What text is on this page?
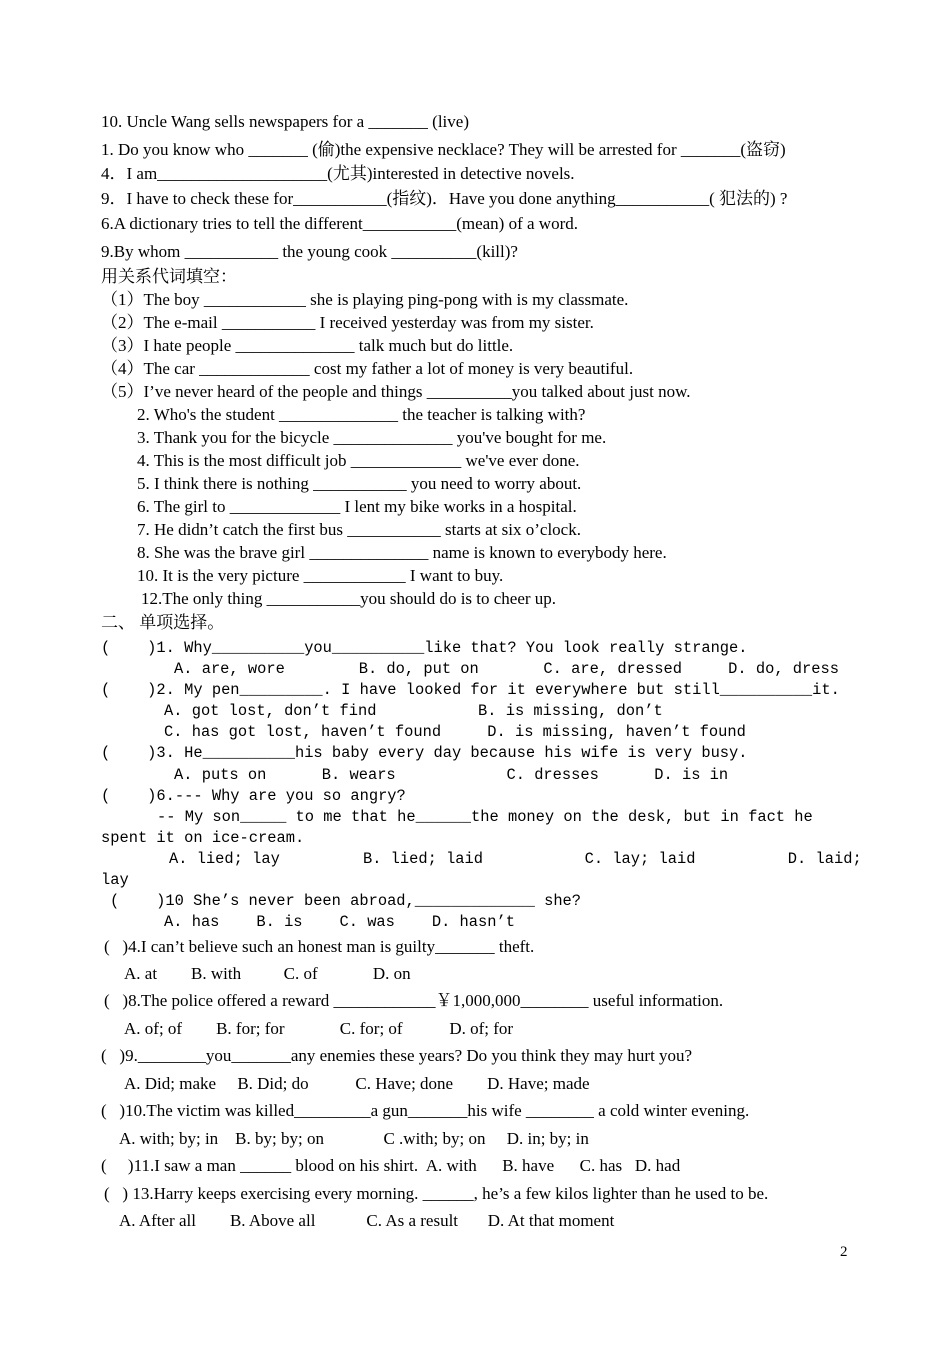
10. Uncle Wang sells newspapers for a _______ (live)
1. Do you know who _______ (偷)the expensive necklace? They will be arrested for _______(盗窃)
4．I am____________________(尤其)interested in detective novels.
9．I have to check these for___________(指纹)．Have you done anything___________( 犯法的) ?
6.A dictionary tries to tell the different___________(mean) of a word.
9.By whom ___________ the young cook __________(kill)?
用关系代词填空：
（1）The boy ____________ she is playing ping-pong with is my classmate.
（2）The e-mail ___________ I received yesterday was from my sister.
（3）I hate people ______________ talk much but do little.
（4）The car _____________ cost my father a lot of money is very beautiful.
（5）I’ve never heard of the people and things __________you talked about just now.
2. Who's the student ______________ the teacher is talking with?
3. Thank you for the bicycle ______________ you've bought for me.
4. This is the most difficult job _____________ we've ever done.
5. I think there is nothing ___________ you need to worry about.
6. The girl to _____________ I lent my bike works in a hospital.
7. He didn’t catch the first bus ___________ starts at six o’clock.
8. She was the brave girl ______________ name is known to everybody here.
10. It is the very picture ____________ I want to buy.
12.The only thing ___________you should do is to cheer up.
二、 单项选择。
(    )1. Why__________you__________like that? You look really strange.
A. are, wore        B. do, put on       C. are, dressed     D. do, dress
(    )2. My pen_________. I have looked for it everywhere but still__________it.
A. got lost, don’t find           B. is missing, don’t
C. has got lost, haven’t found     D. is missing, haven’t found
(    )3. He__________his baby every day because his wife is very busy.
A. puts on      B. wears            C. dresses      D. is in
(    )6.--- Why are you so angry?
-- My son_____ to me that he______the money on the desk, but in fact he
spent it on ice-cream.
A. lied; lay         B. lied; laid           C. lay; laid          D. laid;
lay
(    )10 She’s never been abroad,_____________ she?
A. has    B. is    C. was    D. hasn’t
(   )4.I can’t believe such an honest man is guilty_______ theft.
A. at        B. with          C. of             D. on
(   )8.The police offered a reward ____________￥1,000,000________ useful information.
A. of; of        B. for; for             C. for; of           D. of; for
(   )9.________you_______any enemies these years? Do you think they may hurt you?
A. Did; make     B. Did; do           C. Have; done        D. Have; made
(   )10.The victim was killed_________a gun_______his wife ________ a cold winter evening.
A. with; by; in    B. by; by; on              C .with; by; on     D. in; by; in
(     )11.I saw a man ______ blood on his shirt.  A. with      B. have      C. has   D. had
(   ) 13.Harry keeps exercising every morning. ______, he’s a few kilos lighter than he used to be.
A. After all        B. Above all            C. As a result       D. At that moment
2
